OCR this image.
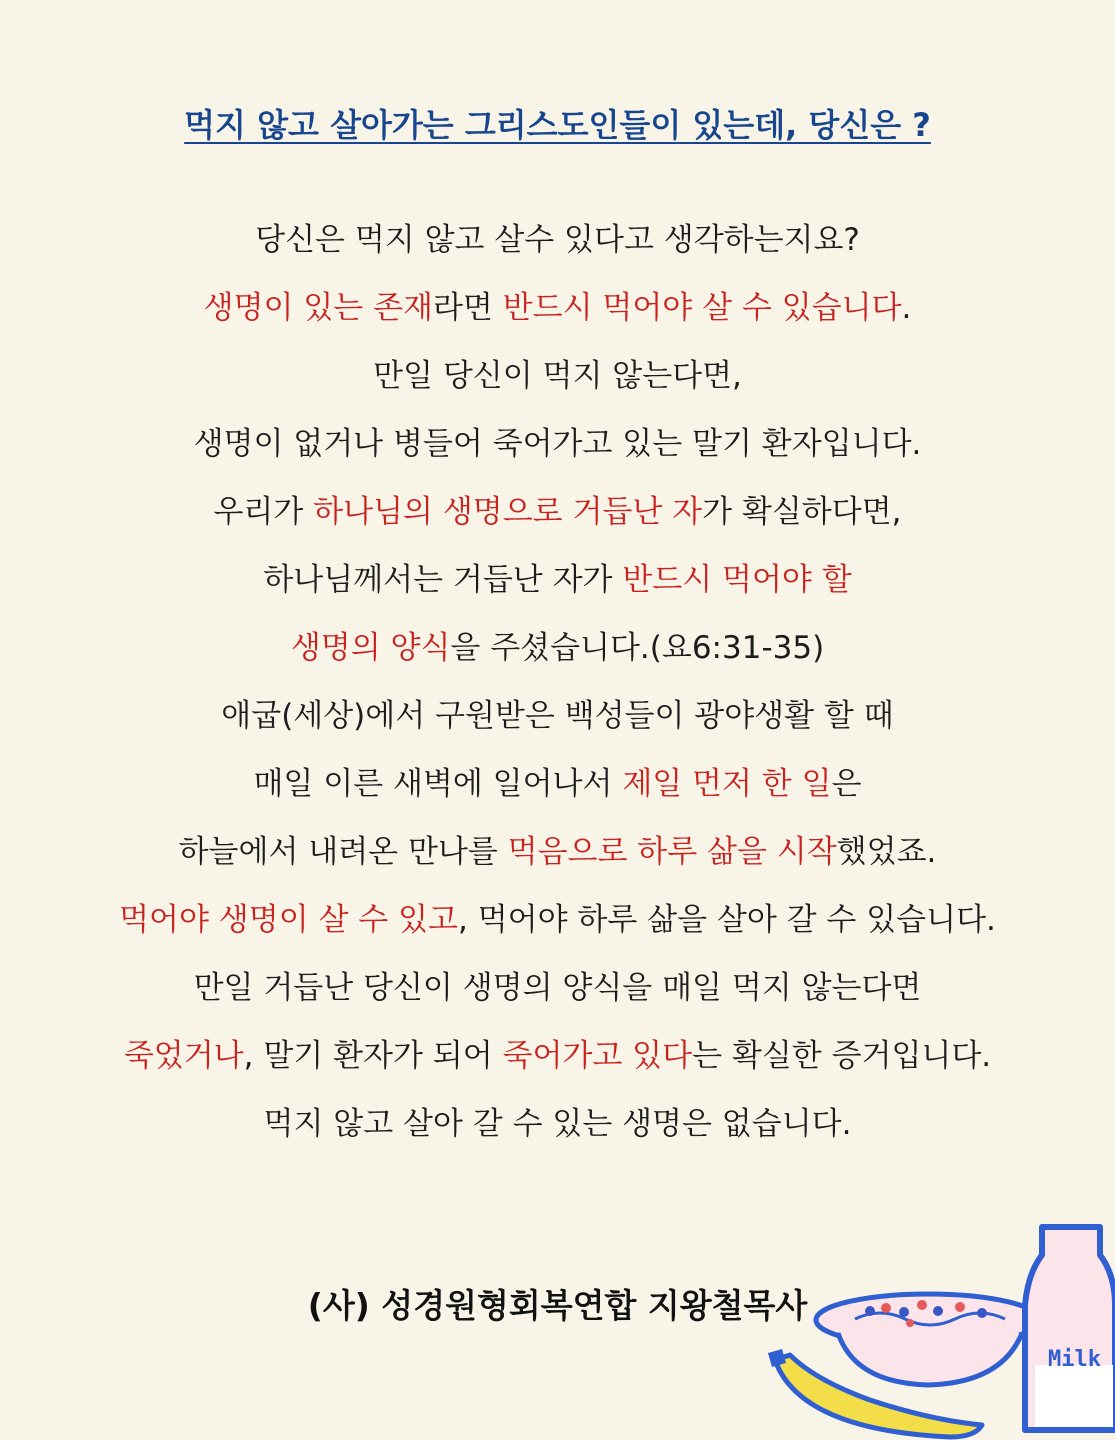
먹지 않고 살아가는 그리스도인들이 있는데, 당신은 ?
당신은 먹지 않고 살수 있다고 생각하는지요?
생명이 있는 존재라면 반드시 먹어야 살 수 있습니다.
만일 당신이 먹지 않는다면,
생명이 없거나 병들어 죽어가고 있는 말기 환자입니다.
우리가 하나님의 생명으로 거듭난 자가 확실하다면,
하나님께서는 거듭난 자가 반드시 먹어야 할
생명의 양식을 주셨습니다.(요6:31-35)
애굽(세상)에서 구원받은 백성들이 광야생활 할 때
매일 이른 새벽에 일어나서 제일 먼저 한 일은
하늘에서 내려온 만나를 먹음으로 하루 삶을 시작했었죠.
먹어야 생명이 살 수 있고, 먹어야 하루 삶을 살아 갈 수 있습니다.
만일 거듭난 당신이 생명의 양식을 매일 먹지 않는다면
죽었거나, 말기 환자가 되어 죽어가고 있다는 확실한 증거입니다.
먹지 않고 살아 갈 수 있는 생명은 없습니다.

(사) 성경원형회복연합 지왕철목사

Milk
